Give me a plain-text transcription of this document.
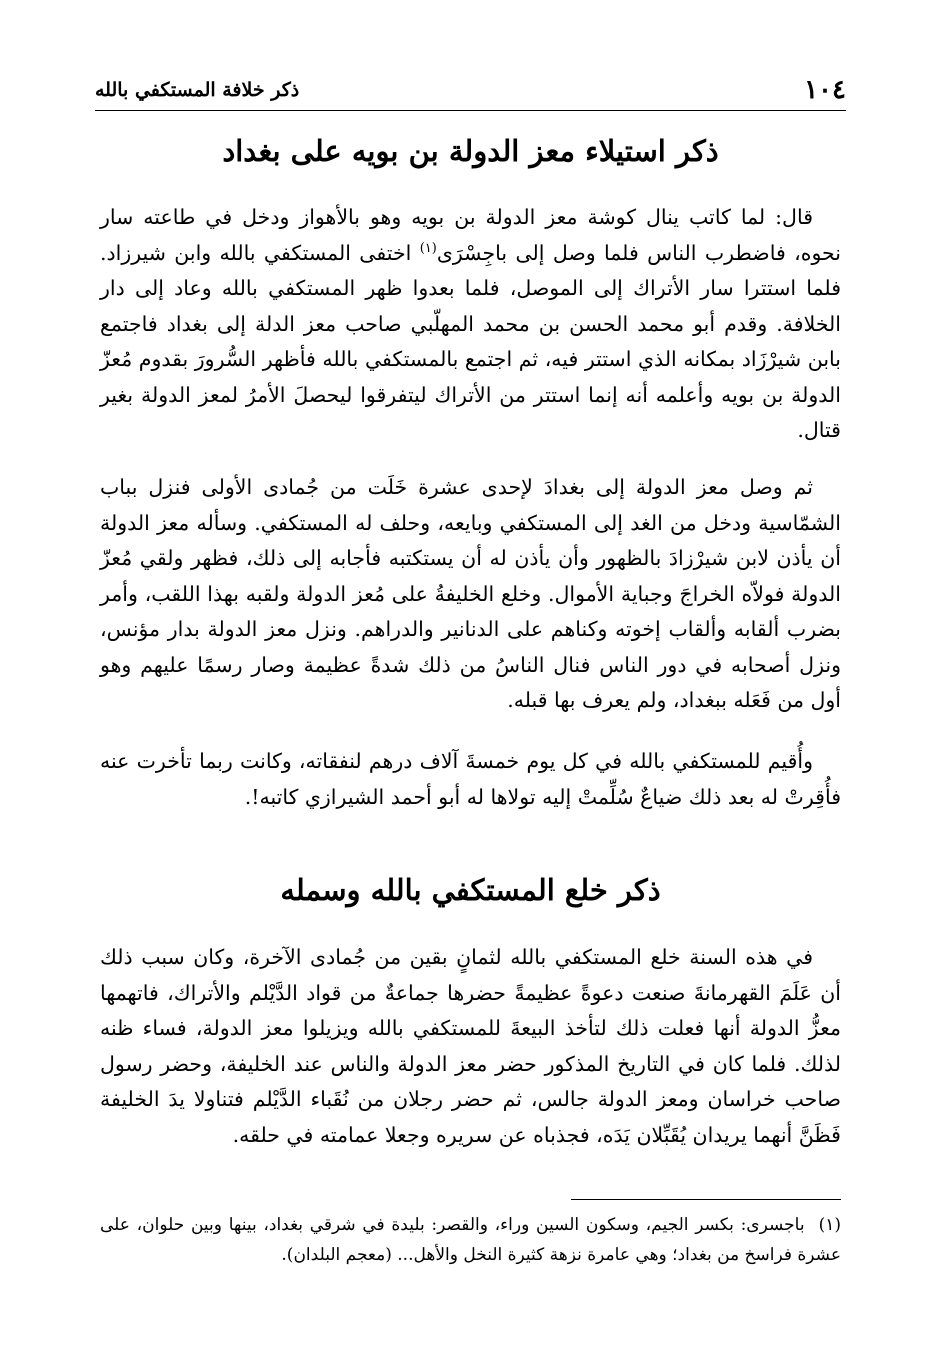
١٠٤
ذكر خلافة المستكفي بالله
ذكر استيلاء معز الدولة بن بويه على بغداد

قال: لما كاتب ينال كوشة معز الدولة بن بويه وهو بالأهواز ودخل في طاعته سار نحوه، فاضطرب الناس فلما وصل إلى باجِسْرَى$^{(١)}$ اختفى المستكفي بالله وابن شيرزاد. فلما استترا سار الأتراك إلى الموصل، فلما بعدوا ظهر المستكفي بالله وعاد إلى دار الخلافة. وقدم أبو محمد الحسن بن محمد المهلّبي صاحب معز الدلة إلى بغداد فاجتمع بابن شيرْزَاد بمكانه الذي استتر فيه، ثم اجتمع بالمستكفي بالله فأظهر السُّرورَ بقدوم مُعزّ الدولة بن بويه وأعلمه أنه إنما استتر من الأتراك ليتفرقوا ليحصلَ الأمرُ لمعز الدولة بغير قتال.

ثم وصل معز الدولة إلى بغدادَ لإحدى عشرة خَلَت من جُمادى الأولى فنزل بباب الشمّاسية ودخل من الغد إلى المستكفي وبايعه، وحلف له المستكفي. وسأله معز الدولة أن يأذن لابن شيرْزادَ بالظهور وأن يأذن له أن يستكتبه فأجابه إلى ذلك، فظهر ولقي مُعزّ الدولة فولاّه الخراجَ وجباية الأموال. وخلع الخليفةُ على مُعز الدولة ولقبه بهذا اللقب، وأمر بضرب ألقابه وألقاب إخوته وكناهم على الدنانير والدراهم. ونزل معز الدولة بدار مؤنس، ونزل أصحابه في دور الناس فنال الناسُ من ذلك شدةً عظيمة وصار رسمًا عليهم وهو أول من فَعَله ببغداد، ولم يعرف بها قبله.

وأُقيم للمستكفي بالله في كل يوم خمسةَ آلاف درهم لنفقاته، وكانت ربما تأخرت عنه فأُقِرتْ له بعد ذلك ضياعٌ سُلِّمتْ إليه تولاها له أبو أحمد الشيرازي كاتبه!.

ذكر خلع المستكفي بالله وسمله

في هذه السنة خلع المستكفي بالله لثمانٍ بقين من جُمادى الآخرة، وكان سبب ذلك أن عَلَمَ القهرمانةَ صنعت دعوةً عظيمةً حضرها جماعةٌ من قواد الدَّيْلم والأتراك، فاتهمها معزُّ الدولة أنها فعلت ذلك لتأخذ البيعةَ للمستكفي بالله ويزيلوا معز الدولة، فساء ظنه لذلك. فلما كان في التاريخ المذكور حضر معز الدولة والناس عند الخليفة، وحضر رسول صاحب خراسان ومعز الدولة جالس، ثم حضر رجلان من نُقَباء الدَّيْلم فتناولا يدَ الخليفة فَظَنَّ أنهما يريدان يُقَبِّلان يَدَه، فجذباه عن سريره وجعلا عمامته في حلقه.

(١)باجسرى: بكسر الجيم، وسكون السين وراء، والقصر: بليدة في شرقي بغداد، بينها وبين حلوان، على عشرة فراسخ من بغداد؛ وهي عامرة نزهة كثيرة النخل والأهل... (معجم البلدان).
